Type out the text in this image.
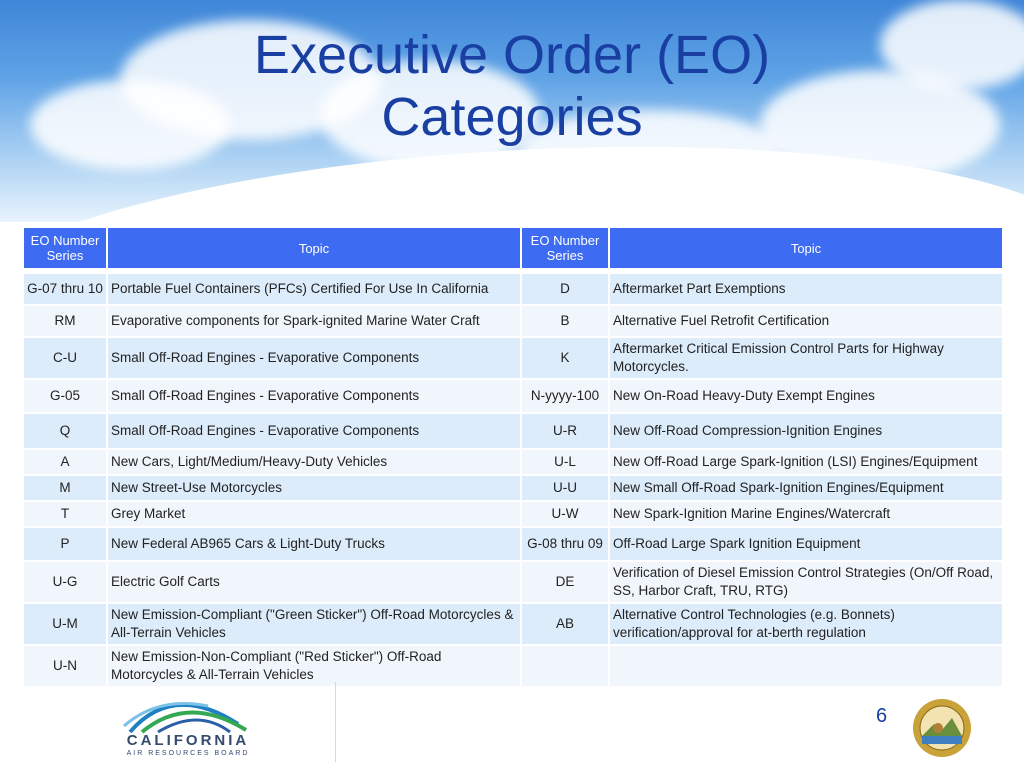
Executive Order (EO) Categories
EO Number Series	Topic	EO Number Series	Topic

G-07 thru 10	Portable Fuel Containers (PFCs) Certified For Use In California	D	Aftermarket Part Exemptions
RM	Evaporative components for Spark-ignited Marine Water Craft	B	Alternative Fuel Retrofit Certification
C-U	Small Off-Road Engines - Evaporative Components	K	Aftermarket Critical Emission Control Parts for Highway Motorcycles.
G-05	Small Off-Road Engines - Evaporative Components	N-yyyy-100	New On-Road Heavy-Duty Exempt Engines
Q	Small Off-Road Engines - Evaporative Components	U-R	New Off-Road Compression-Ignition Engines
A	New Cars, Light/Medium/Heavy-Duty Vehicles	U-L	New Off-Road Large Spark-Ignition (LSI) Engines/Equipment
M	New Street-Use Motorcycles	U-U	New Small Off-Road Spark-Ignition Engines/Equipment
T	Grey Market	U-W	New Spark-Ignition Marine Engines/Watercraft
P	New Federal AB965 Cars & Light-Duty Trucks	G-08 thru 09	Off-Road Large Spark Ignition Equipment
U-G	Electric Golf Carts	DE	Verification of Diesel Emission Control Strategies (On/Off Road, SS, Harbor Craft, TRU, RTG)
U-M	New Emission-Compliant ("Green Sticker") Off-Road Motorcycles & All-Terrain Vehicles	AB	Alternative Control Technologies (e.g. Bonnets) verification/approval for at-berth regulation
U-N	New Emission-Non-Compliant ("Red Sticker") Off-Road Motorcycles & All-Terrain Vehicles		
CALIFORNIA
AIR RESOURCES BOARD
6
